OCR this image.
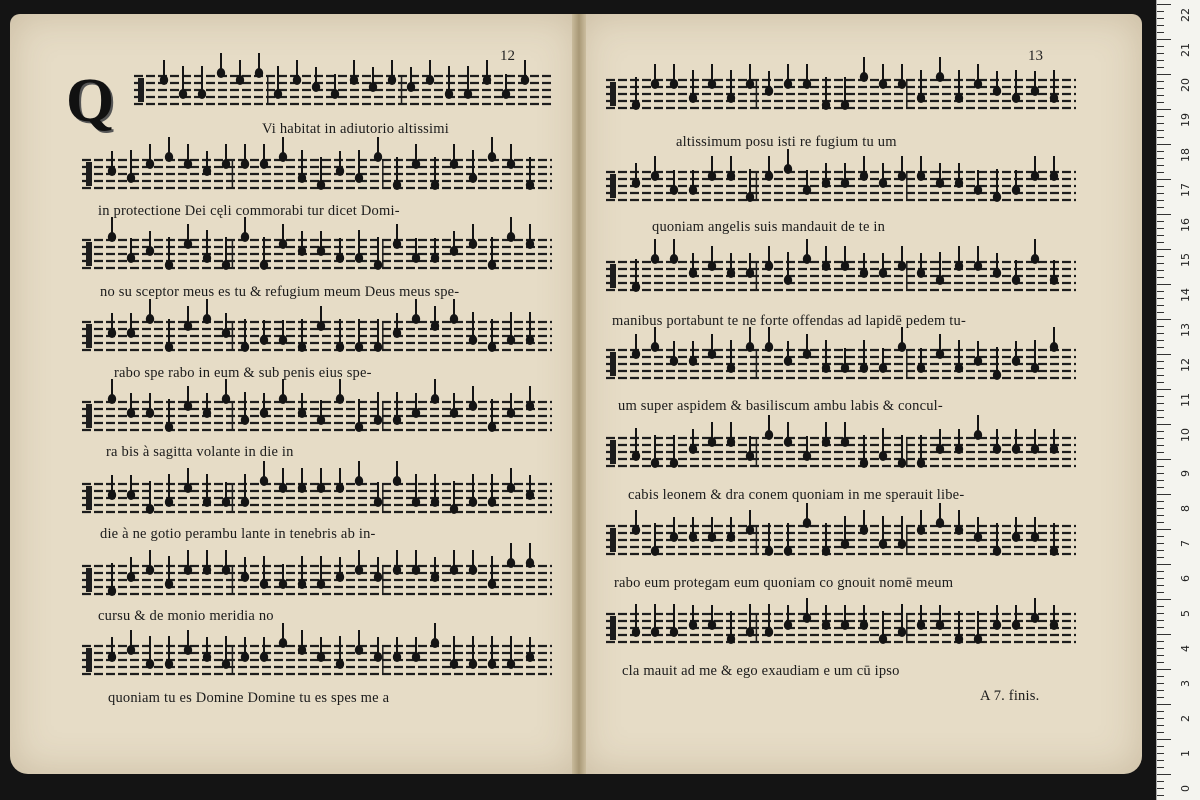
Q
12	13
Vi habitat in adiutorio altissimi
in protectione Dei cęli commorabi tur dicet Domi-
no su sceptor meus es tu & refugium meum Deus meus spe-
rabo spe rabo in eum & sub penis eius spe-
ra bis à sagitta volante in die in
die à ne gotio perambu lante in tenebris ab in-
cursu & de monio meridia no
quoniam tu es Domine Domine tu es spes me a
altissimum posu isti re fugium tu um
quoniam angelis suis mandauit de te in
manibus portabunt te ne forte offendas ad lapidē pedem tu-
um super aspidem & basiliscum ambu labis & concul-
cabis leonem & dra conem quoniam in me sperauit libe-
rabo eum protegam eum quoniam co gnouit nomē meum
cla mauit ad me & ego exaudiam e um cū ipso
A 7. finis.
22
21
20
19
18
17
16
15
14
13
12
11
10
9
8
7
6
5
4
3
2
1
0
